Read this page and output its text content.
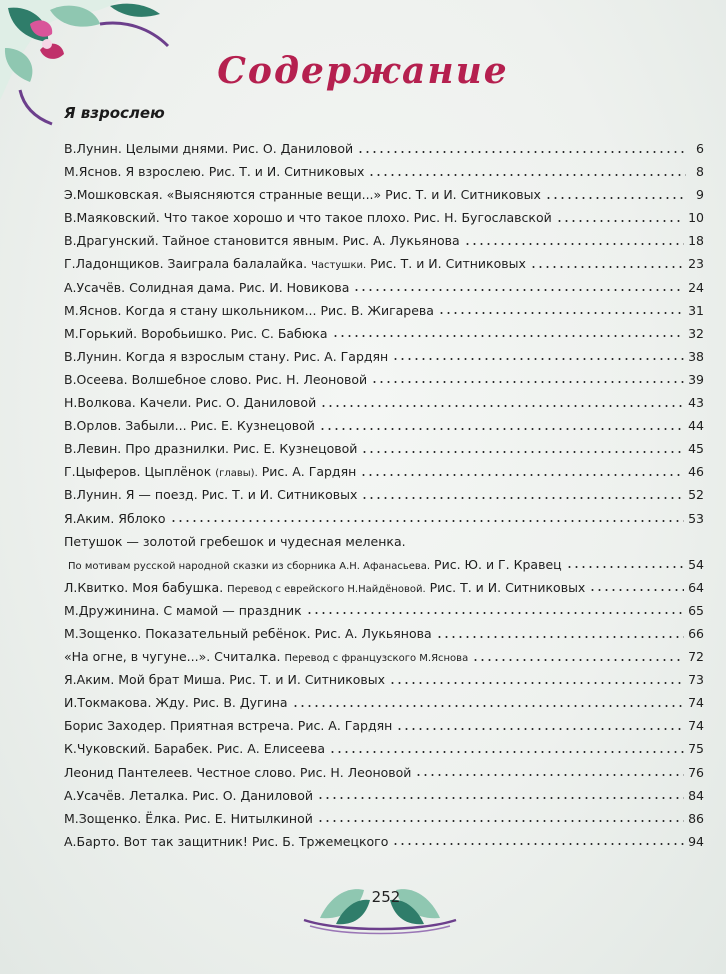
Содержание
Я взрослею
В.Лунин. Целыми днями. Рис. О. Даниловой	6
М.Яснов. Я взрослею. Рис. Т. и И. Ситниковых	8
Э.Мошковская. «Выясняются странные вещи...» Рис. Т. и И. Ситниковых	9
В.Маяковский. Что такое хорошо и что такое плохо. Рис. Н. Бугославской	10
В.Драгунский. Тайное становится явным. Рис. А. Лукьянова	18
Г.Ладонщиков. Заиграла балалайка. Частушки. Рис. Т. и И. Ситниковых	23
А.Усачёв. Солидная дама. Рис. И. Новикова	24
М.Яснов. Когда я стану школьником... Рис. В. Жигарева	31
М.Горький. Воробьишко. Рис. С. Бабюка	32
В.Лунин. Когда я взрослым стану. Рис. А. Гардян	38
В.Осеева. Волшебное слово. Рис. Н. Леоновой	39
Н.Волкова. Качели. Рис. О. Даниловой	43
В.Орлов. Забыли... Рис. Е. Кузнецовой	44
В.Левин. Про дразнилки. Рис. Е. Кузнецовой	45
Г.Цыферов. Цыплёнок (главы). Рис. А. Гардян	46
В.Лунин. Я — поезд. Рис. Т. и И. Ситниковых	52
Я.Аким. Яблоко	53
Петушок — золотой гребешок и чудесная меленка.
По мотивам русской народной сказки из сборника А.Н. Афанасьева. Рис. Ю. и Г. Кравец	54
Л.Квитко. Моя бабушка. Перевод с еврейского Н.Найдёновой. Рис. Т. и И. Ситниковых	64
М.Дружинина. С мамой — праздник	65
М.Зощенко. Показательный ребёнок. Рис. А. Лукьянова	66
«На огне, в чугуне...». Считалка. Перевод с французского М.Яснова	72
Я.Аким. Мой брат Миша. Рис. Т. и И. Ситниковых	73
И.Токмакова. Жду. Рис. В. Дугина	74
Борис Заходер. Приятная встреча. Рис. А. Гардян	74
К.Чуковский. Барабек. Рис. А. Елисеева	75
Леонид Пантелеев. Честное слово. Рис. Н. Леоновой	76
А.Усачёв. Леталка. Рис. О. Даниловой	84
М.Зощенко. Ёлка. Рис. Е. Нитылкиной	86
А.Барто. Вот так защитник! Рис. Б. Тржемецкого	94
252
